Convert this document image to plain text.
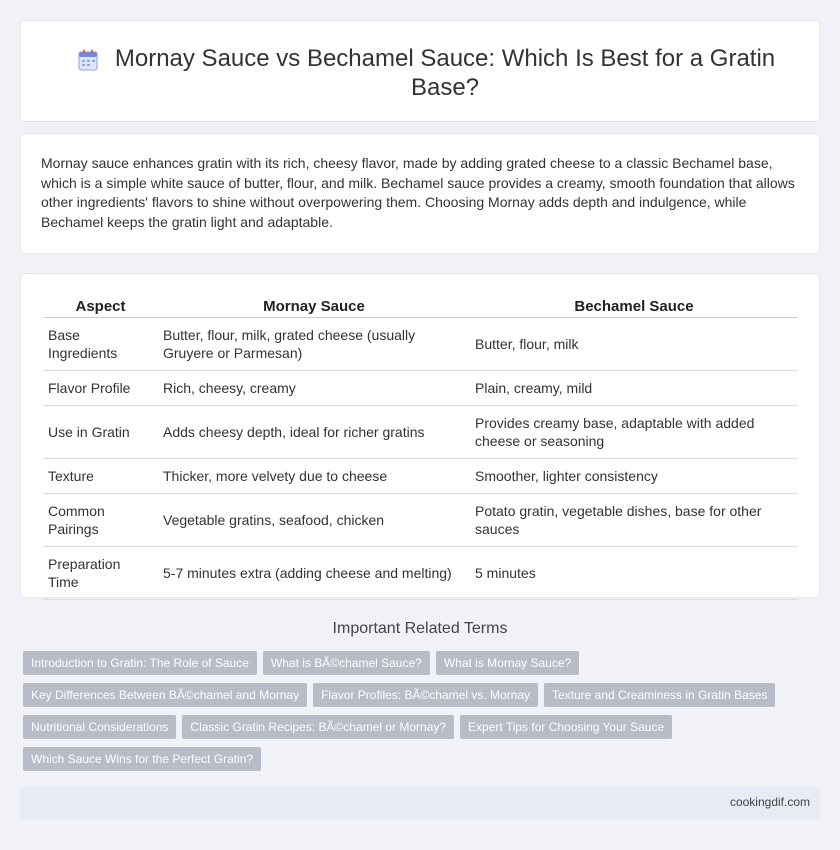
Mornay Sauce vs Bechamel Sauce: Which Is Best for a Gratin Base?

Mornay sauce enhances gratin with its rich, cheesy flavor, made by adding grated cheese to a classic Bechamel base, which is a simple white sauce of butter, flour, and milk. Bechamel sauce provides a creamy, smooth foundation that allows other ingredients' flavors to shine without overpowering them. Choosing Mornay adds depth and indulgence, while Bechamel keeps the gratin light and adaptable.

Aspect	Mornay Sauce	Bechamel Sauce
Base Ingredients	Butter, flour, milk, grated cheese (usually Gruyere or Parmesan)	Butter, flour, milk
Flavor Profile	Rich, cheesy, creamy	Plain, creamy, mild
Use in Gratin	Adds cheesy depth, ideal for richer gratins	Provides creamy base, adaptable with added cheese or seasoning
Texture	Thicker, more velvety due to cheese	Smoother, lighter consistency
Common Pairings	Vegetable gratins, seafood, chicken	Potato gratin, vegetable dishes, base for other sauces
Preparation Time	5-7 minutes extra (adding cheese and melting)	5 minutes
Important Related Terms
Introduction to Gratin: The Role of Sauce	What is BÃ©chamel Sauce?	What is Mornay Sauce?
Key Differences Between BÃ©chamel and Mornay	Flavor Profiles: BÃ©chamel vs. Mornay	Texture and Creaminess in Gratin Bases
Nutritional Considerations	Classic Gratin Recipes: BÃ©chamel or Mornay?	Expert Tips for Choosing Your Sauce
Which Sauce Wins for the Perfect Gratin?
cookingdif.com
